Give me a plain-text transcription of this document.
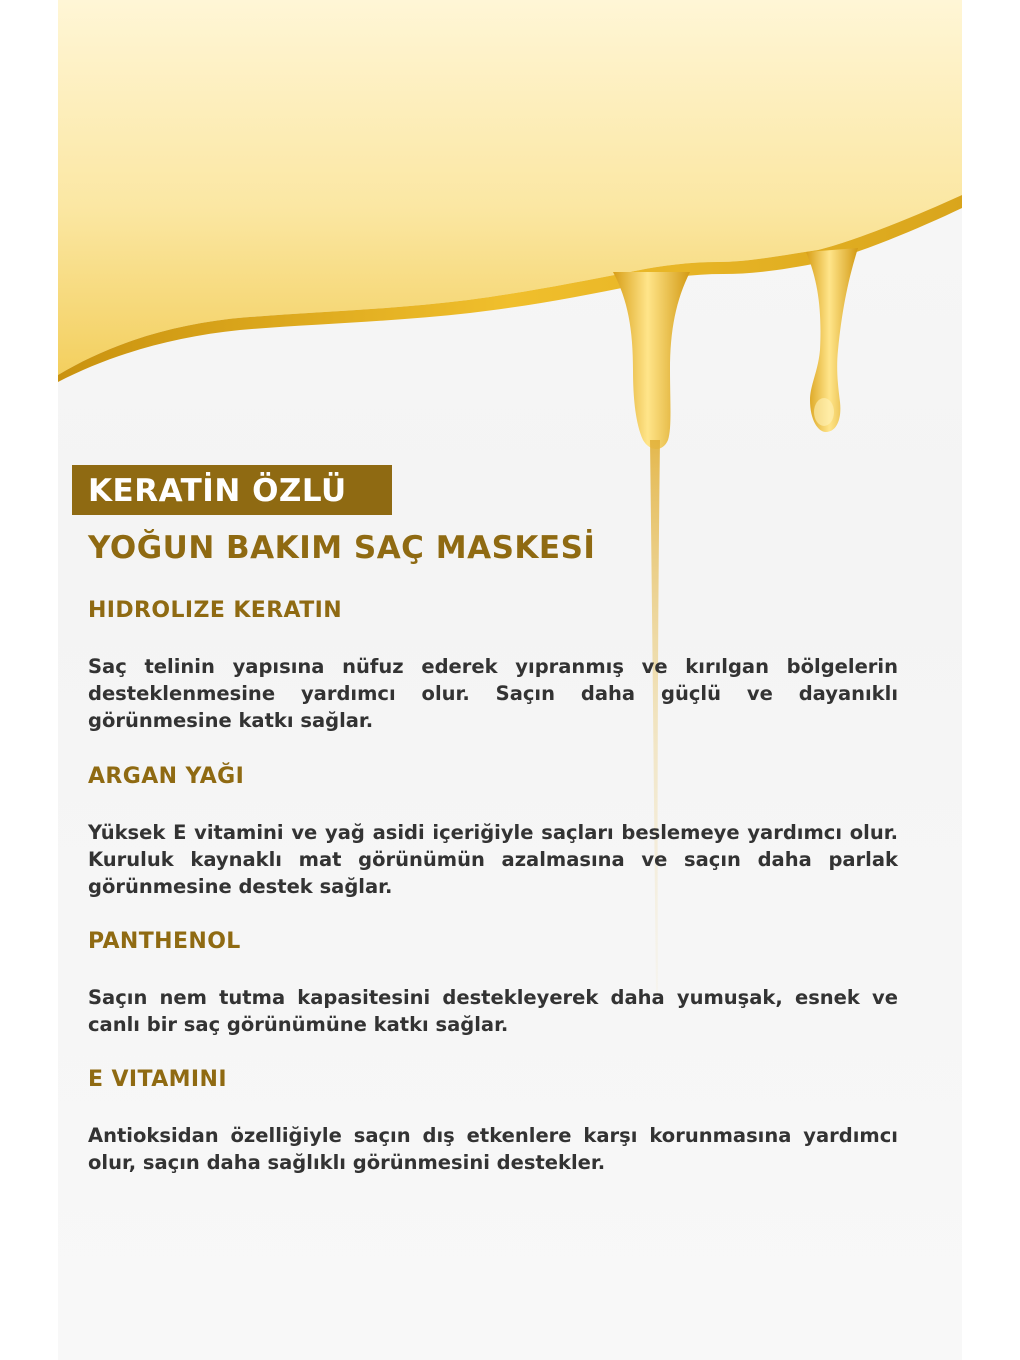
KERATİN ÖZLÜ
YOĞUN BAKIM SAÇ MASKESİ
HIDROLIZE KERATIN
Saç telinin yapısına nüfuz ederek yıpranmış ve kırılgan bölgelerin desteklenmesine yardımcı olur. Saçın daha güçlü ve dayanıklı görünmesine katkı sağlar.
ARGAN YAĞI
Yüksek E vitamini ve yağ asidi içeriğiyle saçları beslemeye yardımcı olur. Kuruluk kaynaklı mat görünümün azalmasına ve saçın daha parlak görünmesine destek sağlar.
PANTHENOL
Saçın nem tutma kapasitesini destekleyerek daha yumuşak, esnek ve canlı bir saç görünümüne katkı sağlar.
E VITAMINI
Antioksidan özelliğiyle saçın dış etkenlere karşı korunmasına yardımcı olur, saçın daha sağlıklı görünmesini destekler.
